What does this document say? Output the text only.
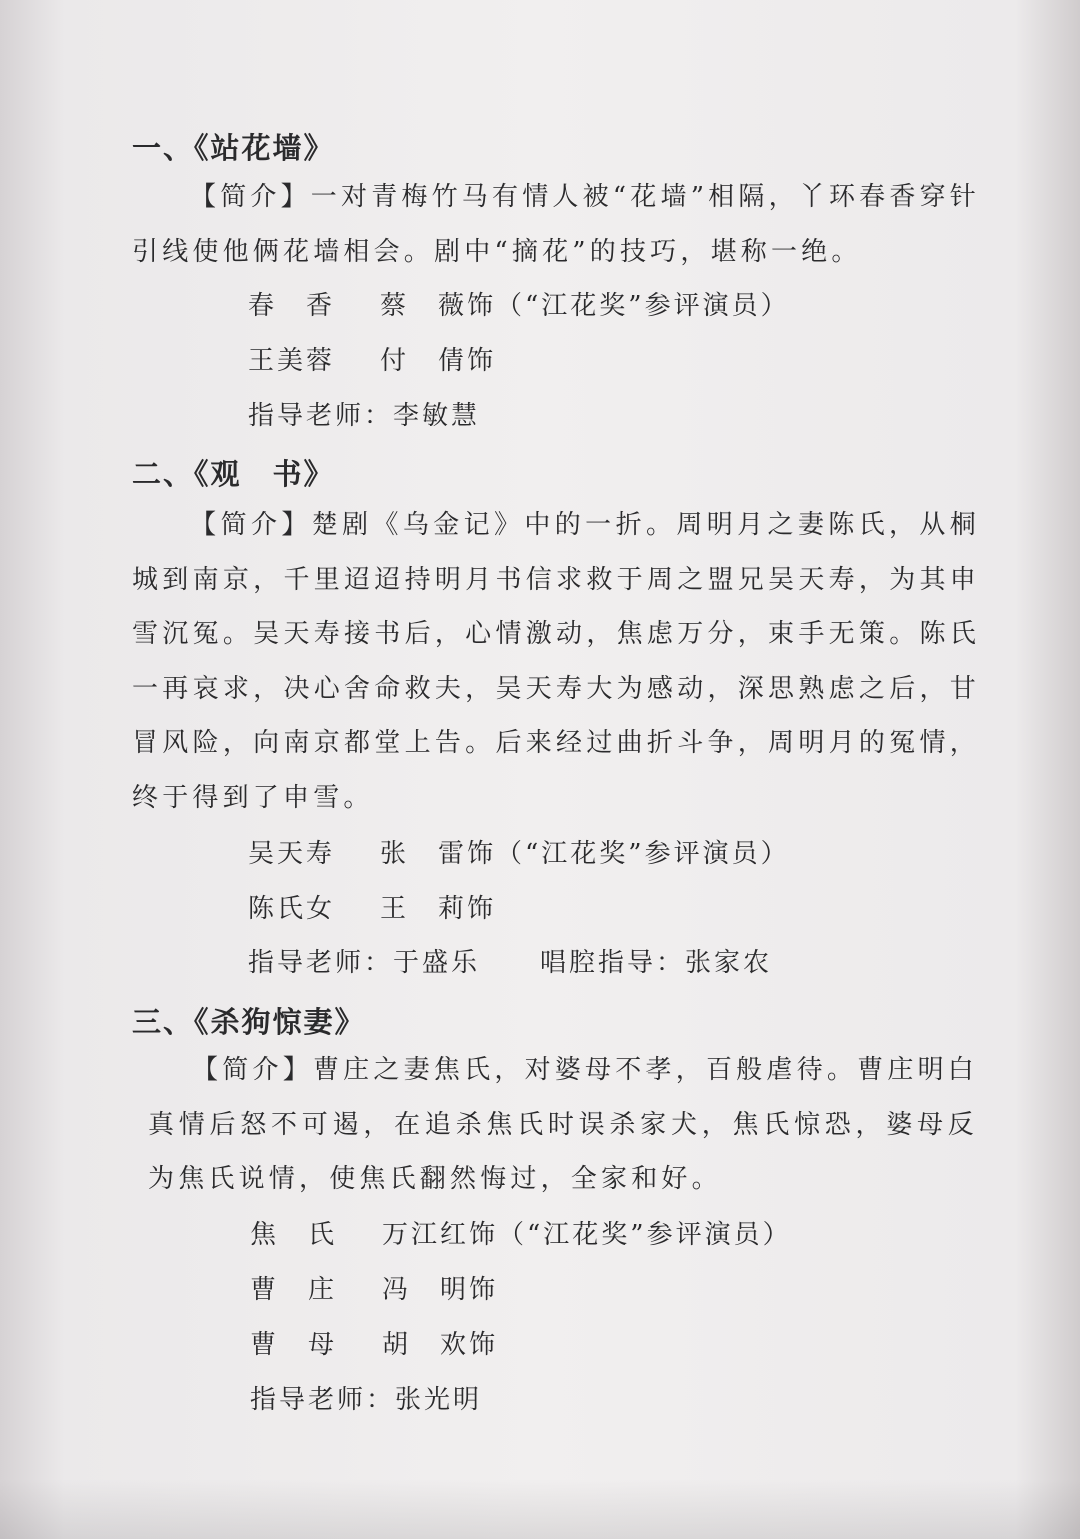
一、《站花墙》

【简介】一对青梅竹马有情人被“花墙”相隔，丫环春香穿针引线使他俩花墙相会。剧中“摘花”的技巧，堪称一绝。

春　香	蔡　薇饰（“江花奖”参评演员）
王美蓉	付　倩饰
指导老师：李敏慧
二、《观　书》

【简介】楚剧《乌金记》中的一折。周明月之妻陈氏，从桐城到南京，千里迢迢持明月书信求救于周之盟兄吴天寿，为其申雪沉冤。吴天寿接书后，心情激动，焦虑万分，束手无策。陈氏一再哀求，决心舍命救夫，吴天寿大为感动，深思熟虑之后，甘冒风险，向南京都堂上告。后来经过曲折斗争，周明月的冤情，终于得到了申雪。

吴天寿	张　雷饰（“江花奖”参评演员）
陈氏女	王　莉饰
指导老师：于盛乐 唱腔指导：张家农
三、《杀狗惊妻》

【简介】曹庄之妻焦氏，对婆母不孝，百般虐待。曹庄明白真情后怒不可遏，在追杀焦氏时误杀家犬，焦氏惊恐，婆母反为焦氏说情，使焦氏翻然悔过，全家和好。

焦　氏	万江红饰（“江花奖”参评演员）
曹　庄	冯　明饰
曹　母	胡　欢饰
指导老师：张光明
